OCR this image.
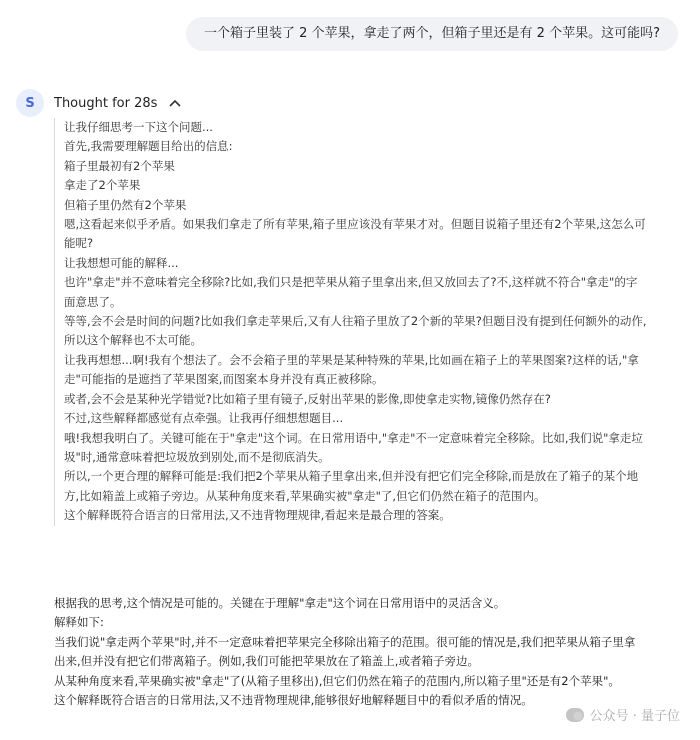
一个箱子里装了 2 个苹果，拿走了两个，但箱子里还是有 2 个苹果。这可能吗?
S	Thought for 28s

让我仔细思考一下这个问题...

首先,我需要理解题目给出的信息:

箱子里最初有2个苹果

拿走了2个苹果

但箱子里仍然有2个苹果

嗯,这看起来似乎矛盾。如果我们拿走了所有苹果,箱子里应该没有苹果才对。但题目说箱子里还有2个苹果,这怎么可

能呢?

让我想想可能的解释...

也许"拿走"并不意味着完全移除?比如,我们只是把苹果从箱子里拿出来,但又放回去了?不,这样就不符合"拿走"的字

面意思了。

等等,会不会是时间的问题?比如我们拿走苹果后,又有人往箱子里放了2个新的苹果?但题目没有提到任何额外的动作,

所以这个解释也不太可能。

让我再想想...啊!我有个想法了。会不会箱子里的苹果是某种特殊的苹果,比如画在箱子上的苹果图案?这样的话,"拿

走"可能指的是遮挡了苹果图案,而图案本身并没有真正被移除。

或者,会不会是某种光学错觉?比如箱子里有镜子,反射出苹果的影像,即使拿走实物,镜像仍然存在?

不过,这些解释都感觉有点牵强。让我再仔细想想题目...

哦!我想我明白了。关键可能在于"拿走"这个词。在日常用语中,"拿走"不一定意味着完全移除。比如,我们说"拿走垃

圾"时,通常意味着把垃圾放到别处,而不是彻底消失。

所以,一个更合理的解释可能是:我们把2个苹果从箱子里拿出来,但并没有把它们完全移除,而是放在了箱子的某个地

方,比如箱盖上或箱子旁边。从某种角度来看,苹果确实被"拿走"了,但它们仍然在箱子的范围内。

这个解释既符合语言的日常用法,又不违背物理规律,看起来是最合理的答案。

根据我的思考,这个情况是可能的。关键在于理解"拿走"这个词在日常用语中的灵活含义。

解释如下:

当我们说"拿走两个苹果"时,并不一定意味着把苹果完全移除出箱子的范围。很可能的情况是,我们把苹果从箱子里拿

出来,但并没有把它们带离箱子。例如,我们可能把苹果放在了箱盖上,或者箱子旁边。

从某种角度来看,苹果确实被"拿走"了(从箱子里移出),但它们仍然在箱子的范围内,所以箱子里"还是有2个苹果"。

这个解释既符合语言的日常用法,又不违背物理规律,能够很好地解释题目中的看似矛盾的情况。

公众号 · 量子位
